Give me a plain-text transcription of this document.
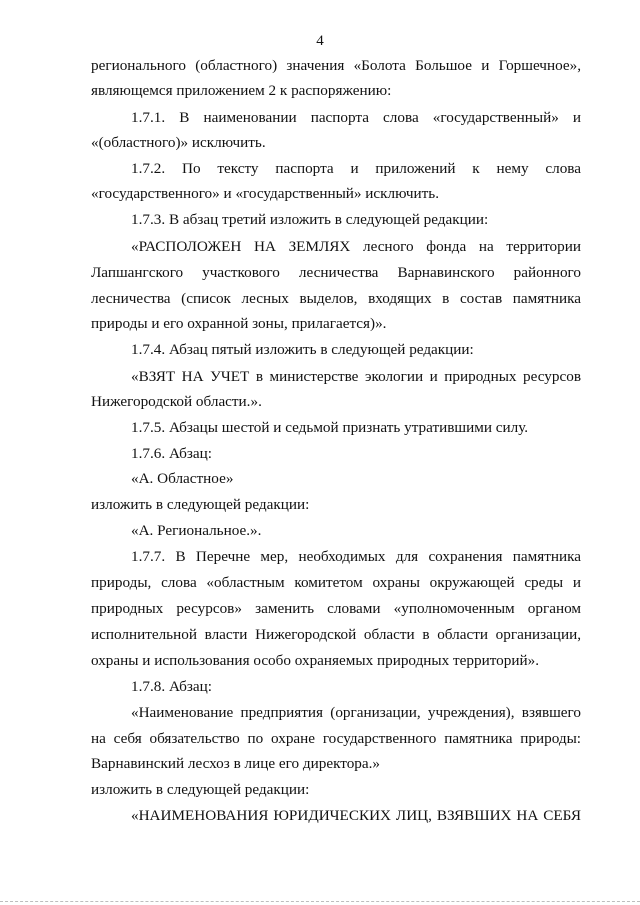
4
регионального (областного) значения «Болота Большое и Горшечное»,
являющемся приложением 2 к распоряжению:
1.7.1. В наименовании паспорта слова «государственный» и
«(областного)» исключить.
1.7.2. По тексту паспорта и приложений к нему слова
«государственного» и «государственный» исключить.
1.7.3. В абзац третий изложить в следующей редакции:
«РАСПОЛОЖЕН НА ЗЕМЛЯХ лесного фонда на территории
Лапшангского участкового лесничества Варнавинского районного
лесничества (список лесных выделов, входящих в состав памятника
природы и его охранной зоны, прилагается)».
1.7.4. Абзац пятый изложить в следующей редакции:
«ВЗЯТ НА УЧЕТ в министерстве экологии и природных ресурсов
Нижегородской области.».
1.7.5. Абзацы шестой и седьмой признать утратившими силу.
1.7.6. Абзац:
«А. Областное»
изложить в следующей редакции:
«А. Региональное.».
1.7.7. В Перечне мер, необходимых для сохранения памятника
природы, слова «областным комитетом охраны окружающей среды и
природных ресурсов» заменить словами «уполномоченным органом
исполнительной власти Нижегородской области в области организации,
охраны и использования особо охраняемых природных территорий».
1.7.8. Абзац:
«Наименование предприятия (организации, учреждения), взявшего
на себя обязательство по охране государственного памятника природы:
Варнавинский лесхоз в лице его директора.»
изложить в следующей редакции:
«НАИМЕНОВАНИЯ ЮРИДИЧЕСКИХ ЛИЦ, ВЗЯВШИХ НА СЕБЯ
